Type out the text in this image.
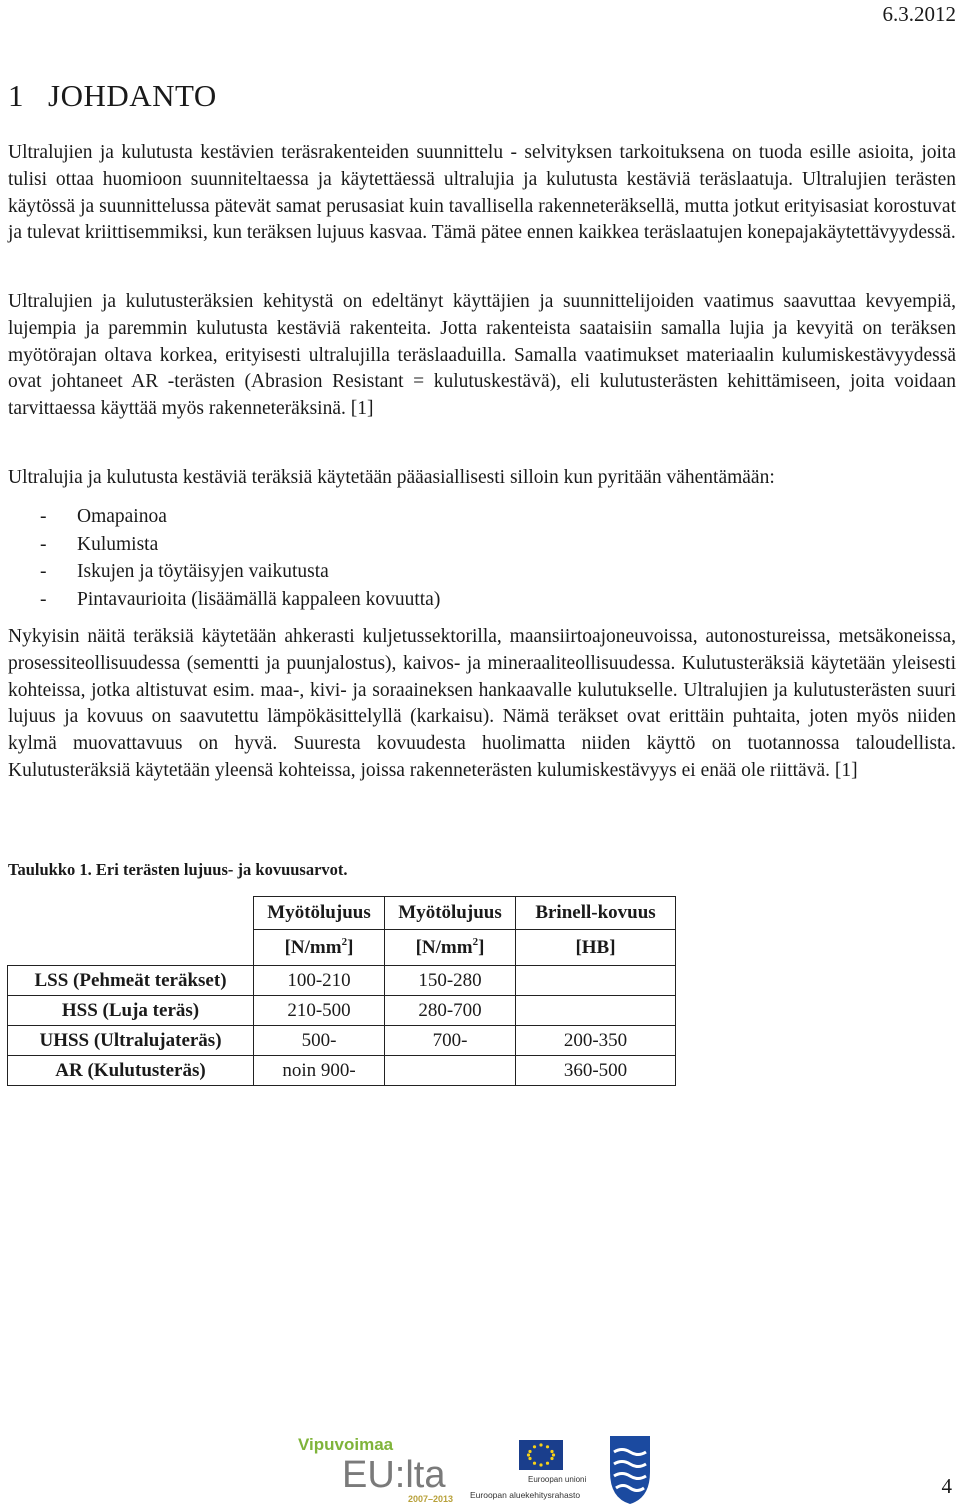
6.3.2012
1 JOHDANTO

Ultralujien ja kulutusta kestävien teräsrakenteiden suunnittelu - selvityksen tarkoituksena on tuoda esille asioita, joita tulisi ottaa huomioon suunniteltaessa ja käytettäessä ultralujia ja kulutusta kestäviä teräslaatuja. Ultralujien terästen käytössä ja suunnittelussa pätevät samat perusasiat kuin tavallisella rakenneteräksellä, mutta jotkut erityisasiat korostuvat ja tulevat kriittisemmiksi, kun teräksen lujuus kasvaa. Tämä pätee ennen kaikkea teräslaatujen konepajakäytettävyydessä.

Ultralujien ja kulutusteräksien kehitystä on edeltänyt käyttäjien ja suunnittelijoiden vaatimus saavuttaa kevyempiä, lujempia ja paremmin kulutusta kestäviä rakenteita. Jotta rakenteista saataisiin samalla lujia ja kevyitä on teräksen myötörajan oltava korkea, erityisesti ultralujilla teräslaaduilla. Samalla vaatimukset materiaalin kulumiskestävyydessä ovat johtaneet AR -terästen (Abrasion Resistant = kulutuskestävä), eli kulutusterästen kehittämiseen, joita voidaan tarvittaessa käyttää myös rakenneteräksinä. [1]

Ultralujia ja kulutusta kestäviä teräksiä käytetään pääasiallisesti silloin kun pyritään vähentämään:

-	Omapainoa
-	Kulumista
-	Iskujen ja töytäisyjen vaikutusta
-	Pintavaurioita (lisäämällä kappaleen kovuutta)

Nykyisin näitä teräksiä käytetään ahkerasti kuljetussektorilla, maansiirtoajoneuvoissa, autonostureissa, metsäkoneissa, prosessiteollisuudessa (sementti ja puunjalostus), kaivos- ja mineraaliteollisuudessa. Kulutusteräksiä käytetään yleisesti kohteissa, jotka altistuvat esim. maa-, kivi- ja soraaineksen hankaavalle kulutukselle. Ultralujien ja kulutusterästen suuri lujuus ja kovuus on saavutettu lämpökäsittelyllä (karkaisu). Nämä teräkset ovat erittäin puhtaita, joten myös niiden kylmä muovattavuus on hyvä. Suuresta kovuudesta huolimatta niiden käyttö on tuotannossa taloudellista. Kulutusteräksiä käytetään yleensä kohteissa, joissa rakenneterästen kulumiskestävyys ei enää ole riittävä. [1]

Taulukko 1. Eri terästen lujuus- ja kovuusarvot.

	Myötölujuus	Myötölujuus	Brinell-kovuus
	$[N/mm^2]$	$[N/mm^2]$	[HB]
LSS (Pehmeät teräkset)	100-210	150-280	
HSS (Luja teräs)	210-500	280-700	
UHSS (Ultralujateräs)	500-	700-	200-350
AR (Kulutusteräs)	noin 900-		360-500
Vipuvoimaa
EU:lta
2007–2013
Euroopan unioni
Euroopan aluekehitysrahasto	4
